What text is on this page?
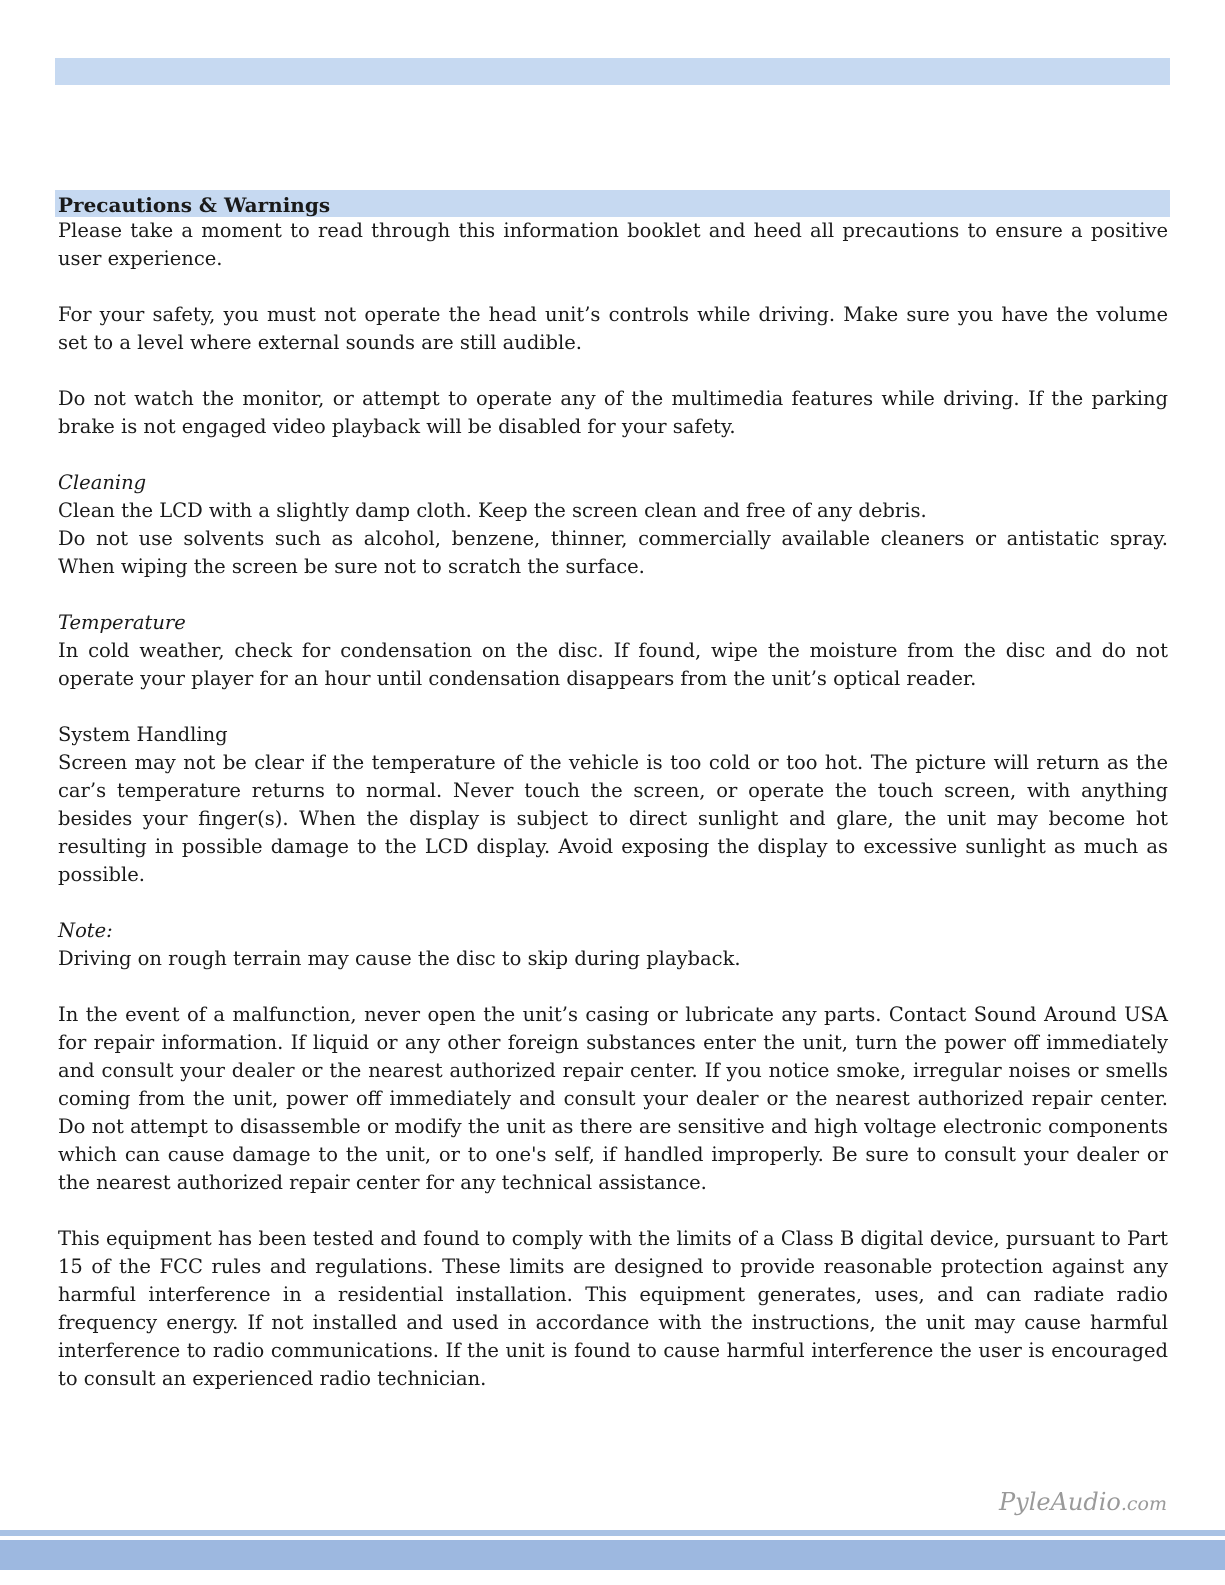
Precautions & Warnings

Please take a moment to read through this information booklet and heed all precautions to ensure a positive user experience.

For your safety, you must not operate the head unit’s controls while driving. Make sure you have the volume set to a level where external sounds are still audible.

Do not watch the monitor, or attempt to operate any of the multimedia features while driving. If the parking brake is not engaged video playback will be disabled for your safety.

Cleaning

Clean the LCD with a slightly damp cloth. Keep the screen clean and free of any debris.

Do not use solvents such as alcohol, benzene, thinner, commercially available cleaners or antistatic spray. When wiping the screen be sure not to scratch the surface.

Temperature

In cold weather, check for condensation on the disc. If found, wipe the moisture from the disc and do not operate your player for an hour until condensation disappears from the unit’s optical reader.

System Handling

Screen may not be clear if the temperature of the vehicle is too cold or too hot. The picture will return as the car’s temperature returns to normal. Never touch the screen, or operate the touch screen, with anything besides your finger(s). When the display is subject to direct sunlight and glare, the unit may become hot resulting in possible damage to the LCD display. Avoid exposing the display to excessive sunlight as much as possible.

Note:

Driving on rough terrain may cause the disc to skip during playback.

In the event of a malfunction, never open the unit’s casing or lubricate any parts. Contact Sound Around USA for repair information. If liquid or any other foreign substances enter the unit, turn the power off immediately and consult your dealer or the nearest authorized repair center. If you notice smoke, irregular noises or smells coming from the unit, power off immediately and consult your dealer or the nearest authorized repair center. Do not attempt to disassemble or modify the unit as there are sensitive and high voltage electronic components which can cause damage to the unit, or to one's self, if handled improperly. Be sure to consult your dealer or the nearest authorized repair center for any technical assistance.

This equipment has been tested and found to comply with the limits of a Class B digital device, pursuant to Part 15 of the FCC rules and regulations. These limits are designed to provide reasonable protection against any harmful interference in a residential installation. This equipment generates, uses, and can radiate radio frequency energy. If not installed and used in accordance with the instructions, the unit may cause harmful interference to radio communications. If the unit is found to cause harmful interference the user is encouraged to consult an experienced radio technician.

PyleAudio.com
